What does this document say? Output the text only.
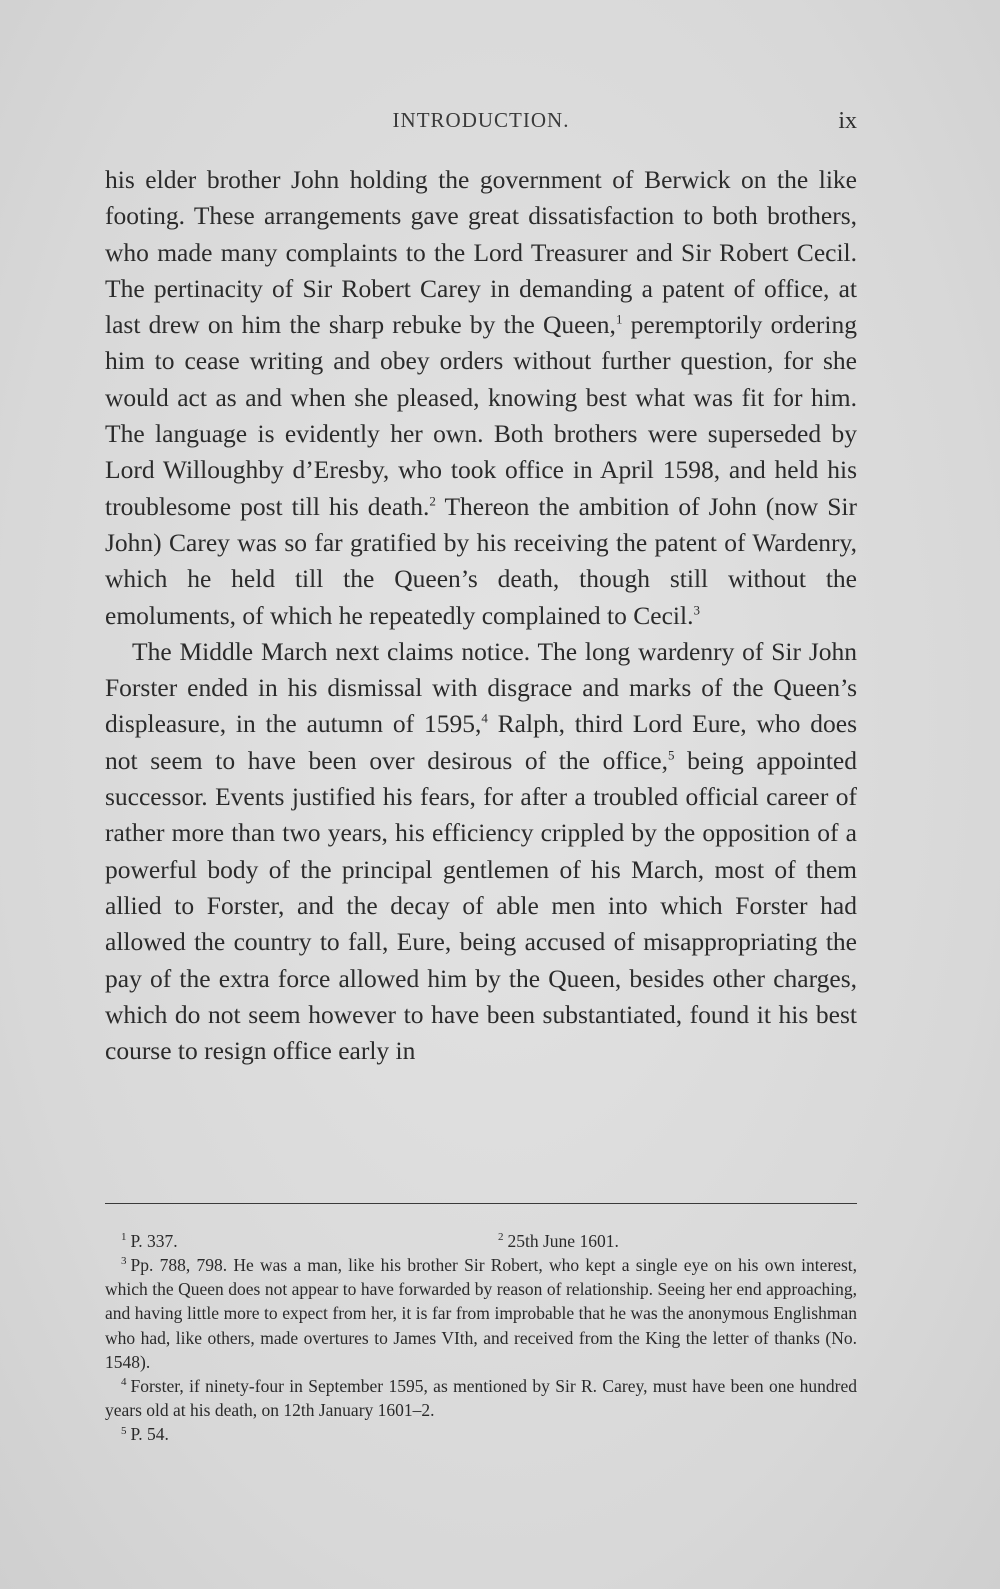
INTRODUCTION.	ix

his elder brother John holding the government of Berwick on the like footing. These arrangements gave great dissatisfaction to both brothers, who made many complaints to the Lord Treasurer and Sir Robert Cecil. The pertinacity of Sir Robert Carey in demanding a patent of office, at last drew on him the sharp rebuke by the Queen,$^1$ peremptorily ordering him to cease writing and obey orders without further question, for she would act as and when she pleased, knowing best what was fit for him. The language is evidently her own. Both brothers were superseded by Lord Willoughby d’Eresby, who took office in April 1598, and held his troublesome post till his death.$^2$ Thereon the ambition of John (now Sir John) Carey was so far gratified by his receiving the patent of Wardenry, which he held till the Queen’s death, though still without the emoluments, of which he repeatedly complained to Cecil.$^3$

The Middle March next claims notice. The long wardenry of Sir John Forster ended in his dismissal with disgrace and marks of the Queen’s displeasure, in the autumn of 1595,$^4$ Ralph, third Lord Eure, who does not seem to have been over desirous of the office,$^5$ being appointed successor. Events justified his fears, for after a troubled official career of rather more than two years, his efficiency crippled by the opposition of a powerful body of the principal gentlemen of his March, most of them allied to Forster, and the decay of able men into which Forster had allowed the country to fall, Eure, being accused of misappropriating the pay of the extra force allowed him by the Queen, besides other charges, which do not seem however to have been substantiated, found it his best course to resign office early in

$^1$ P. 337.	$^2$ 25th June 1601.

$^3$ Pp. 788, 798. He was a man, like his brother Sir Robert, who kept a single eye on his own interest, which the Queen does not appear to have forwarded by reason of relationship. Seeing her end approaching, and having little more to expect from her, it is far from improbable that he was the anonymous Englishman who had, like others, made overtures to James VIth, and received from the King the letter of thanks (No. 1548).

$^4$ Forster, if ninety-four in September 1595, as mentioned by Sir R. Carey, must have been one hundred years old at his death, on 12th January 1601–2.

$^5$ P. 54.
